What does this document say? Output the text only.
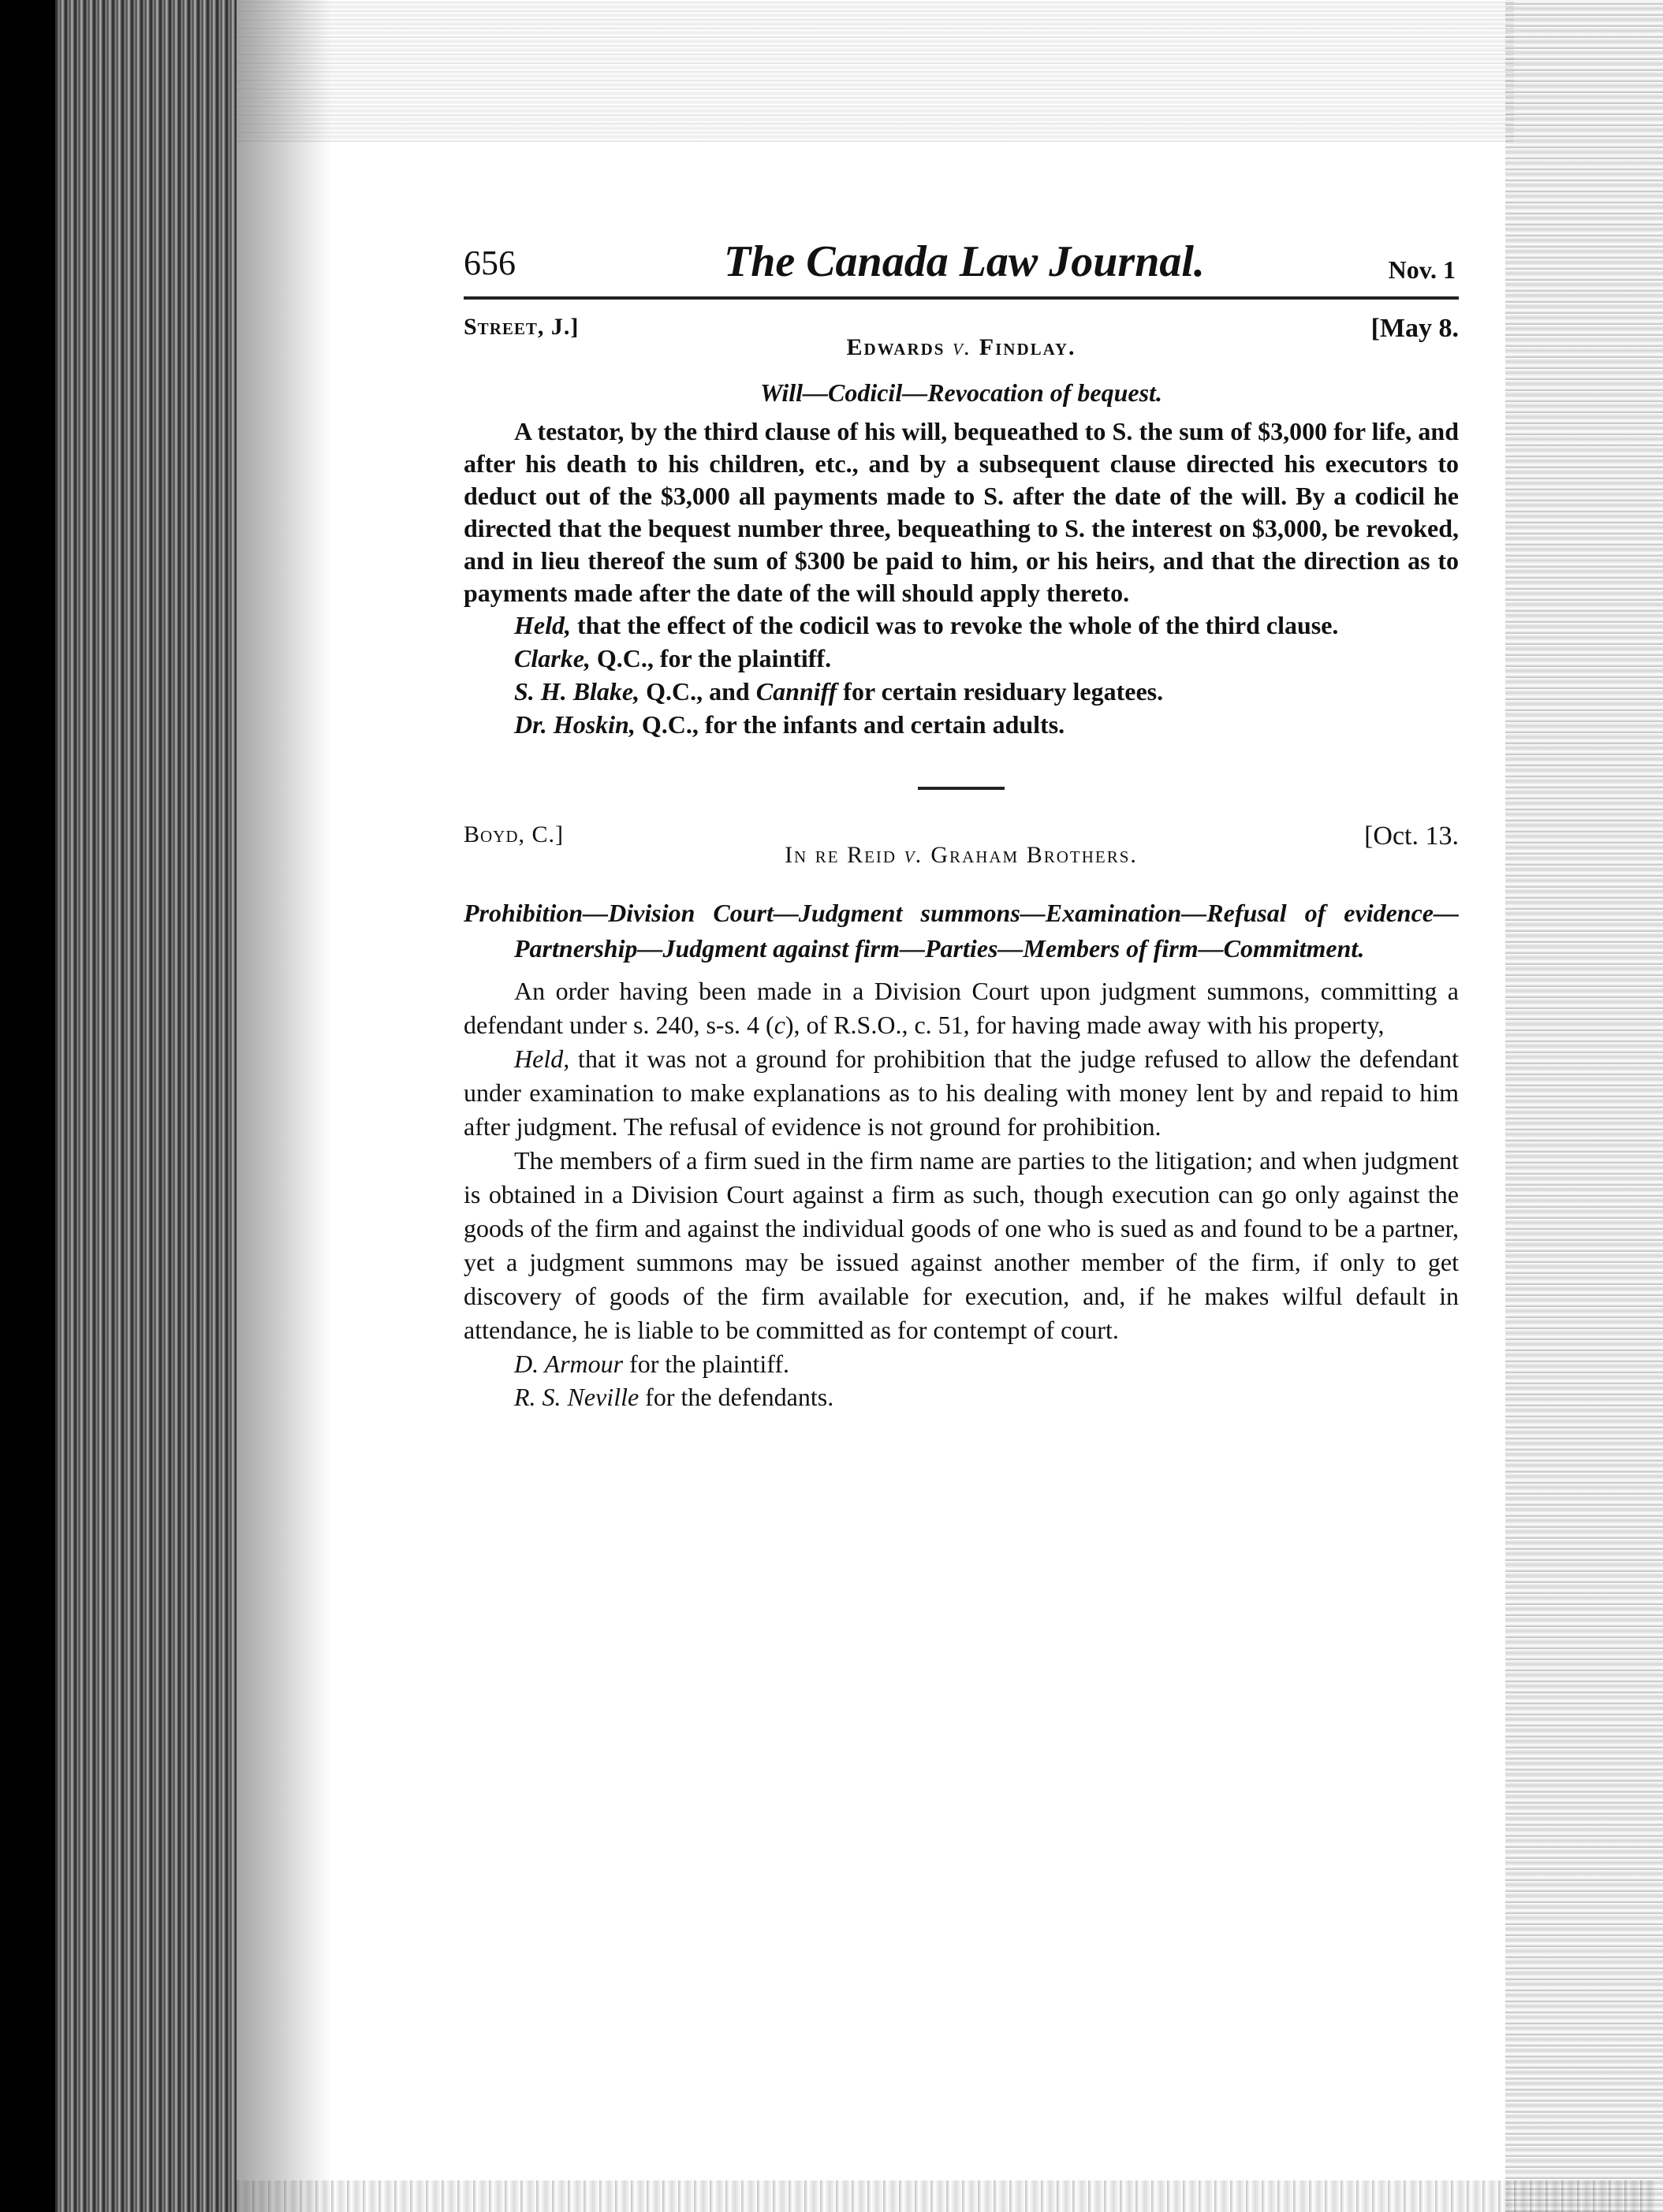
656	The Canada Law Journal.	Nov. 1
Street, J.]	[May 8.
Edwards v. Findlay.

Will—Codicil—Revocation of bequest.

A testator, by the third clause of his will, bequeathed to S. the sum of $3,000 for life, and after his death to his children, etc., and by a subsequent clause directed his executors to deduct out of the $3,000 all payments made to S. after the date of the will. By a codicil he directed that the bequest number three, bequeathing to S. the interest on $3,000, be revoked, and in lieu thereof the sum of $300 be paid to him, or his heirs, and that the direction as to payments made after the date of the will should apply thereto.

Held, that the effect of the codicil was to revoke the whole of the third clause.

Clarke, Q.C., for the plaintiff.

S. H. Blake, Q.C., and Canniff for certain residuary legatees.

Dr. Hoskin, Q.C., for the infants and certain adults.

Boyd, C.]	[Oct. 13.
In re Reid v. Graham Brothers.

Prohibition—Division Court—Judgment summons—Examination—Refusal of evidence—Partnership—Judgment against firm—Parties—Members of firm—Commitment.

An order having been made in a Division Court upon judgment summons, committing a defendant under s. 240, s-s. 4 (c), of R.S.O., c. 51, for having made away with his property,

Held, that it was not a ground for prohibition that the judge refused to allow the defendant under examination to make explanations as to his dealing with money lent by and repaid to him after judgment. The refusal of evidence is not ground for prohibition.

The members of a firm sued in the firm name are parties to the litigation; and when judgment is obtained in a Division Court against a firm as such, though execution can go only against the goods of the firm and against the individual goods of one who is sued as and found to be a partner, yet a judgment summons may be issued against another member of the firm, if only to get discovery of goods of the firm available for execution, and, if he makes wilful default in attendance, he is liable to be committed as for contempt of court.

D. Armour for the plaintiff.

R. S. Neville for the defendants.
